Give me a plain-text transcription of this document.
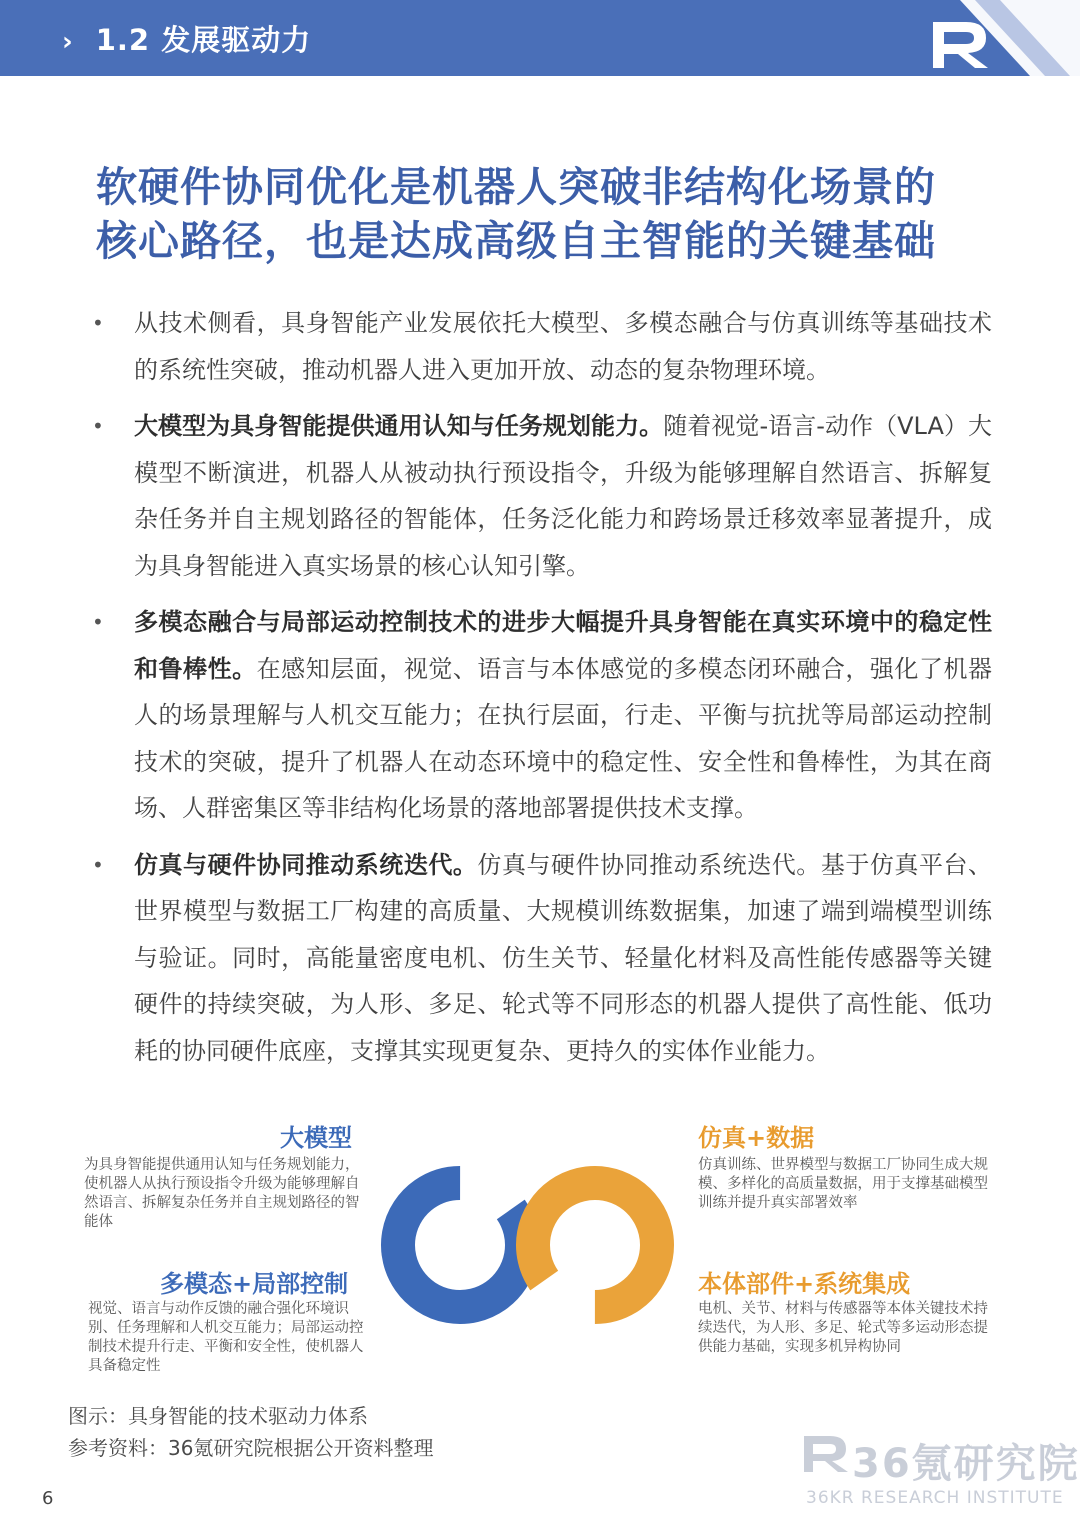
› 1.2 发展驱动力
软硬件协同优化是机器人突破非结构化场景的
核心路径，也是达成高级自主智能的关键基础
• 从技术侧看，具身智能产业发展依托大模型、多模态融合与仿真训练等基础技术的系统性突破，推动机器人进入更加开放、动态的复杂物理环境。
• 大模型为具身智能提供通用认知与任务规划能力。随着视觉-语言-动作（VLA）大模型不断演进，机器人从被动执行预设指令，升级为能够理解自然语言、拆解复杂任务并自主规划路径的智能体，任务泛化能力和跨场景迁移效率显著提升，成为具身智能进入真实场景的核心认知引擎。
• 多模态融合与局部运动控制技术的进步大幅提升具身智能在真实环境中的稳定性和鲁棒性。在感知层面，视觉、语言与本体感觉的多模态闭环融合，强化了机器人的场景理解与人机交互能力；在执行层面，行走、平衡与抗扰等局部运动控制技术的突破，提升了机器人在动态环境中的稳定性、安全性和鲁棒性，为其在商场、人群密集区等非结构化场景的落地部署提供技术支撑。
• 仿真与硬件协同推动系统迭代。仿真与硬件协同推动系统迭代。基于仿真平台、世界模型与数据工厂构建的高质量、大规模训练数据集，加速了端到端模型训练与验证。同时，高能量密度电机、仿生关节、轻量化材料及高性能传感器等关键硬件的持续突破，为人形、多足、轮式等不同形态的机器人提供了高性能、低功耗的协同硬件底座，支撑其实现更复杂、更持久的实体作业能力。
大模型
为具身智能提供通用认知与任务规划能力，使机器人从执行预设指令升级为能够理解自然语言、拆解复杂任务并自主规划路径的智能体
多模态+局部控制
视觉、语言与动作反馈的融合强化环境识别、任务理解和人机交互能力；局部运动控制技术提升行走、平衡和安全性，使机器人具备稳定性
仿真+数据
仿真训练、世界模型与数据工厂协同生成大规模、多样化的高质量数据，用于支撑基础模型训练并提升真实部署效率
本体部件+系统集成
电机、关节、材料与传感器等本体关键技术持续迭代，为人形、多足、轮式等多运动形态提供能力基础，实现多机异构协同
图示：具身智能的技术驱动力体系
参考资料：36氪研究院根据公开资料整理
6
36氪研究院
36KR RESEARCH INSTITUTE
